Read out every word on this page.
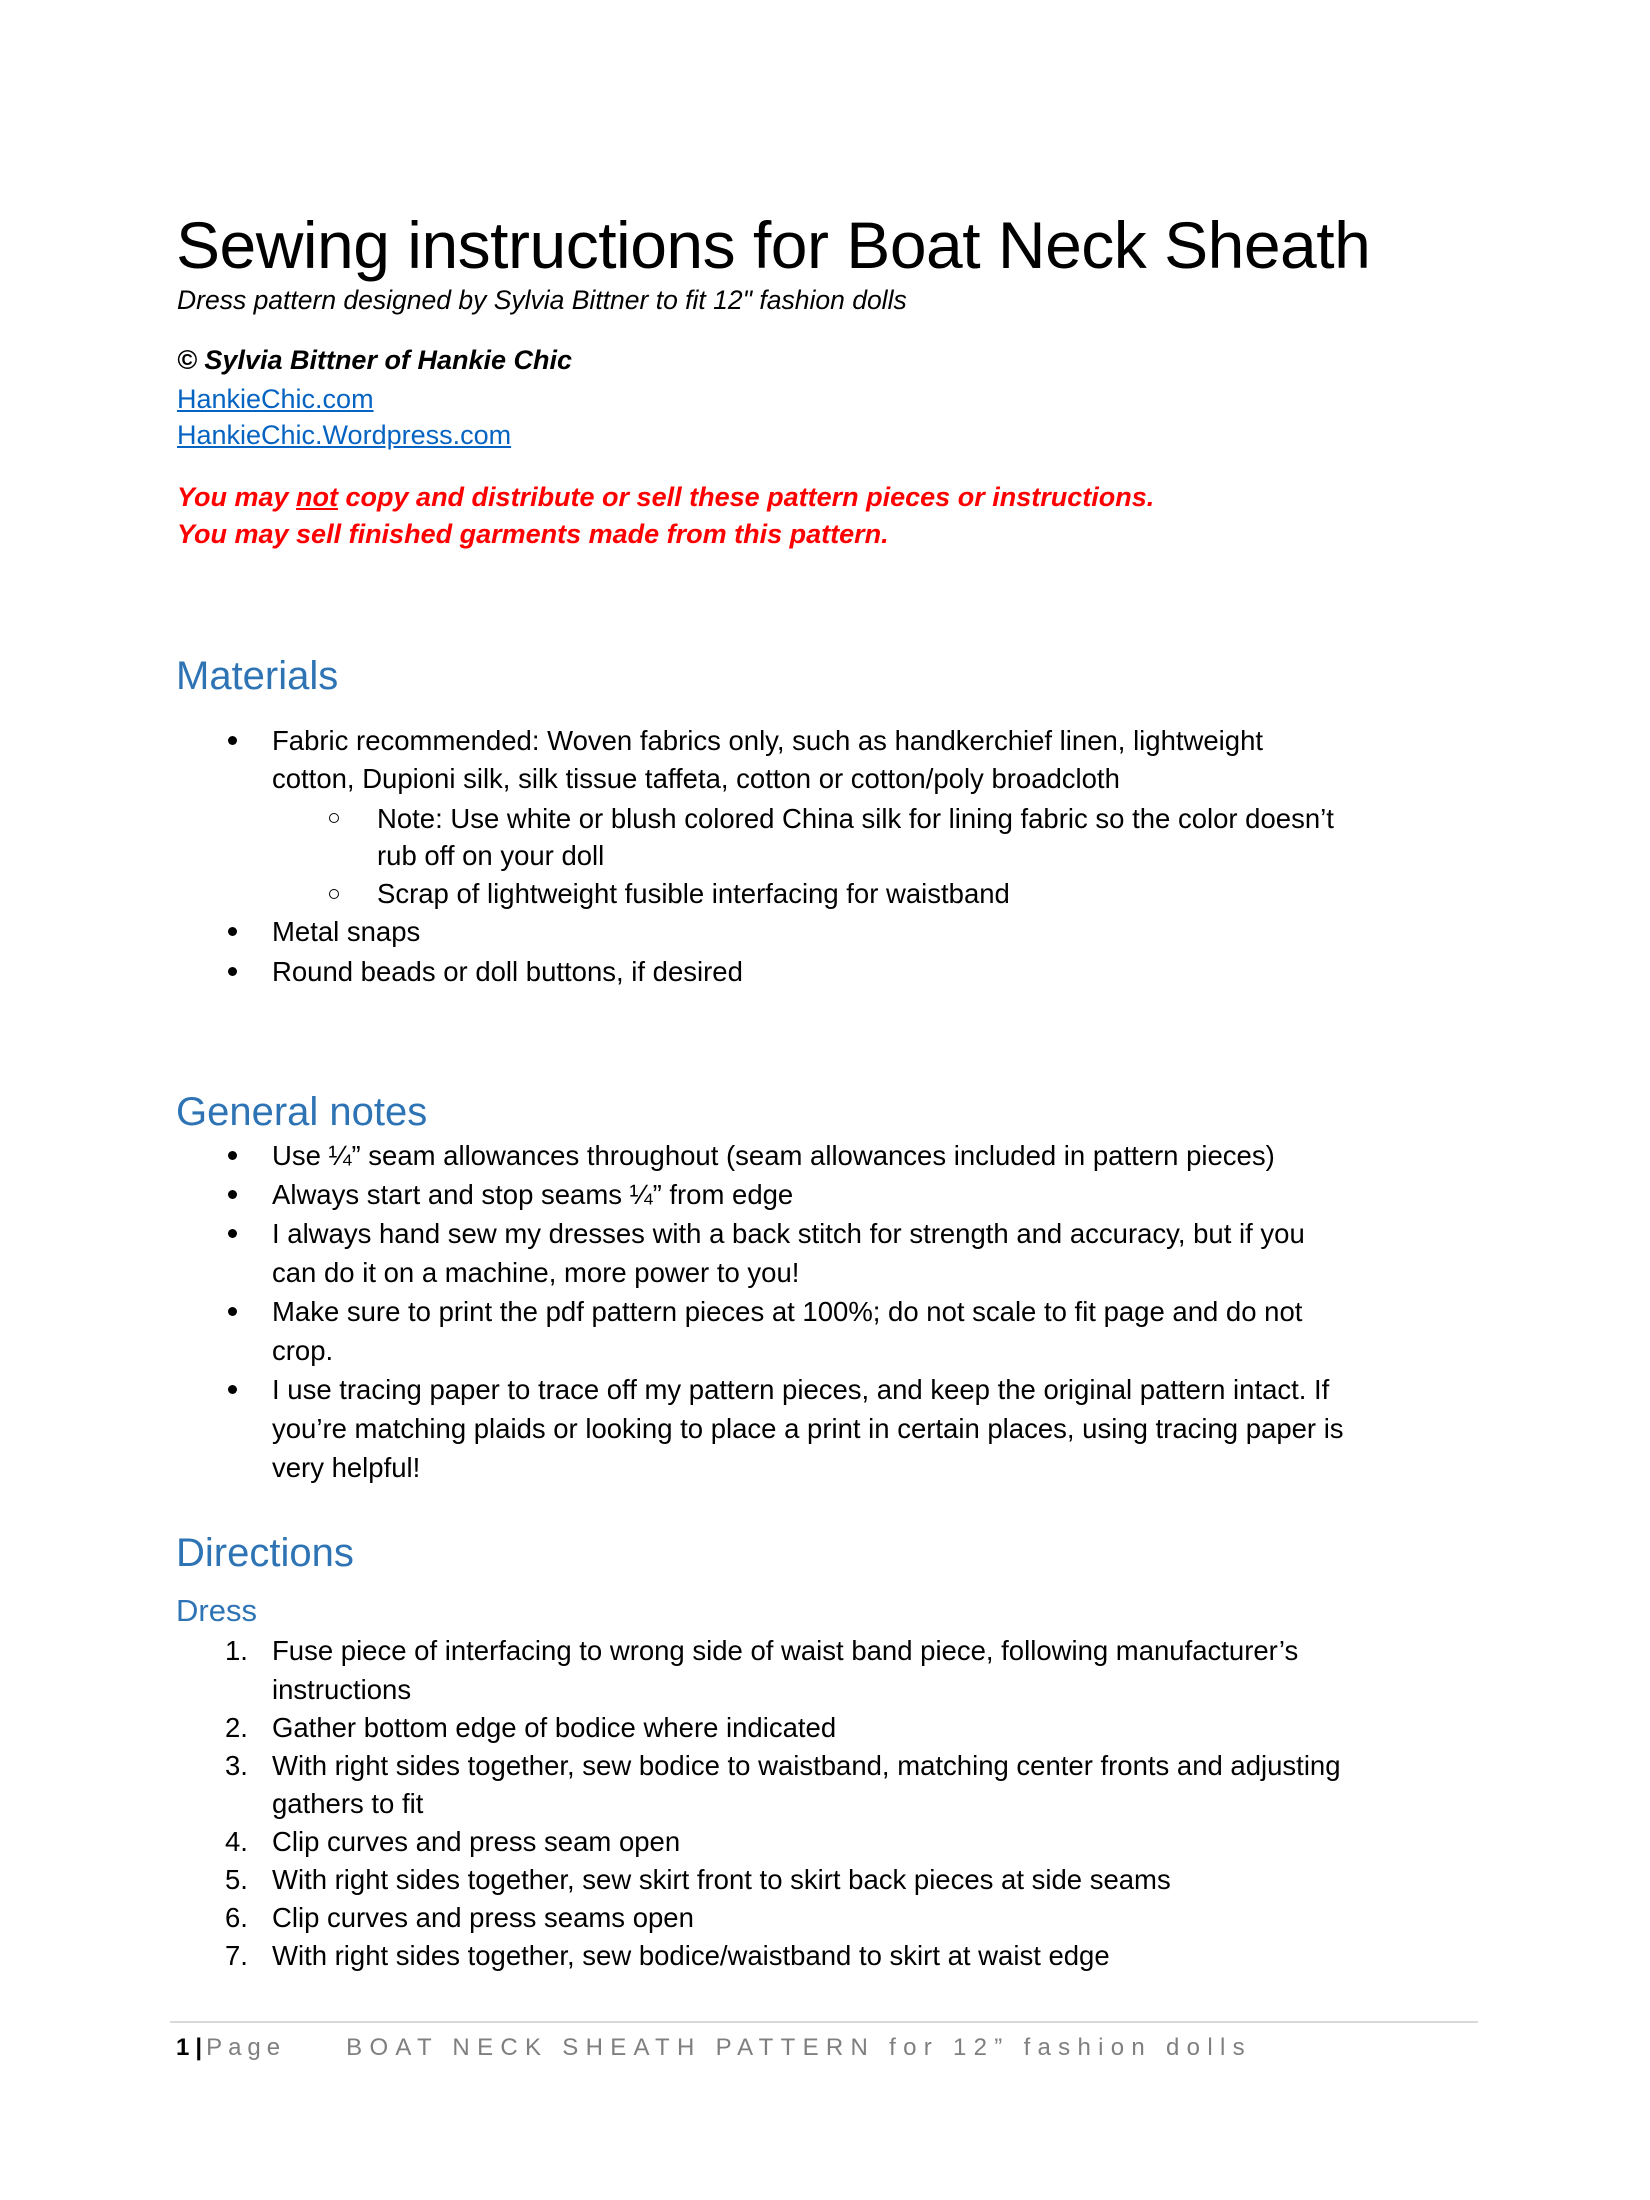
Sewing instructions for Boat Neck Sheath
Dress pattern designed by Sylvia Bittner to fit 12" fashion dolls
© Sylvia Bittner of Hankie Chic
HankieChic.com
HankieChic.Wordpress.com
You may not copy and distribute or sell these pattern pieces or instructions.
You may sell finished garments made from this pattern.
Materials
Fabric recommended: Woven fabrics only, such as handkerchief linen, lightweight
cotton, Dupioni silk, silk tissue taffeta, cotton or cotton/poly broadcloth
Note: Use white or blush colored China silk for lining fabric so the color doesn’t
rub off on your doll
Scrap of lightweight fusible interfacing for waistband
Metal snaps
Round beads or doll buttons, if desired
General notes
Use ¼” seam allowances throughout (seam allowances included in pattern pieces)
Always start and stop seams ¼” from edge
I always hand sew my dresses with a back stitch for strength and accuracy, but if you
can do it on a machine, more power to you!
Make sure to print the pdf pattern pieces at 100%; do not scale to fit page and do not
crop.
I use tracing paper to trace off my pattern pieces, and keep the original pattern intact. If
you’re matching plaids or looking to place a print in certain places, using tracing paper is
very helpful!
Directions
Dress
1. Fuse piece of interfacing to wrong side of waist band piece, following manufacturer’s
instructions
2. Gather bottom edge of bodice where indicated
3. With right sides together, sew bodice to waistband, matching center fronts and adjusting
gathers to fit
4. Clip curves and press seam open
5. With right sides together, sew skirt front to skirt back pieces at side seams
6. Clip curves and press seams open
7. With right sides together, sew bodice/waistband to skirt at waist edge
1 | Page	BOAT NECK SHEATH PATTERN for 12” fashion dolls
